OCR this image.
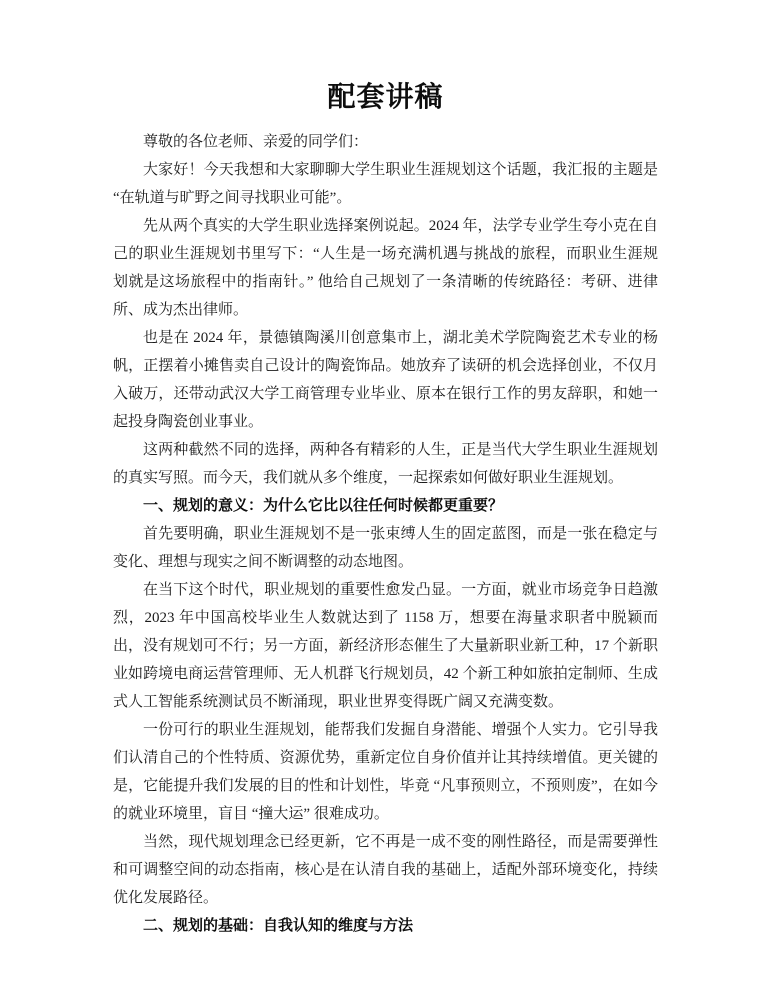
配套讲稿

尊敬的各位老师、亲爱的同学们：

大家好！今天我想和大家聊聊大学生职业生涯规划这个话题，我汇报的主题是 “在轨道与旷野之间寻找职业可能”。

先从两个真实的大学生职业选择案例说起。2024 年，法学专业学生夸小克在自己的职业生涯规划书里写下：“人生是一场充满机遇与挑战的旅程，而职业生涯规划就是这场旅程中的指南针。” 他给自己规划了一条清晰的传统路径：考研、进律所、成为杰出律师。

也是在 2024 年，景德镇陶溪川创意集市上，湖北美术学院陶瓷艺术专业的杨帆，正摆着小摊售卖自己设计的陶瓷饰品。她放弃了读研的机会选择创业，不仅月入破万，还带动武汉大学工商管理专业毕业、原本在银行工作的男友辞职，和她一起投身陶瓷创业事业。

这两种截然不同的选择，两种各有精彩的人生，正是当代大学生职业生涯规划的真实写照。而今天，我们就从多个维度，一起探索如何做好职业生涯规划。

一、规划的意义：为什么它比以往任何时候都更重要？

首先要明确，职业生涯规划不是一张束缚人生的固定蓝图，而是一张在稳定与变化、理想与现实之间不断调整的动态地图。

在当下这个时代，职业规划的重要性愈发凸显。一方面，就业市场竞争日趋激烈，2023 年中国高校毕业生人数就达到了 1158 万，想要在海量求职者中脱颖而出，没有规划可不行；另一方面，新经济形态催生了大量新职业新工种，17 个新职业如跨境电商运营管理师、无人机群飞行规划员，42 个新工种如旅拍定制师、生成式人工智能系统测试员不断涌现，职业世界变得既广阔又充满变数。

一份可行的职业生涯规划，能帮我们发掘自身潜能、增强个人实力。它引导我们认清自己的个性特质、资源优势，重新定位自身价值并让其持续增值。更关键的是，它能提升我们发展的目的性和计划性，毕竟 “凡事预则立，不预则废”，在如今的就业环境里，盲目 “撞大运” 很难成功。

当然，现代规划理念已经更新，它不再是一成不变的刚性路径，而是需要弹性和可调整空间的动态指南，核心是在认清自我的基础上，适配外部环境变化，持续优化发展路径。

二、规划的基础：自我认知的维度与方法
